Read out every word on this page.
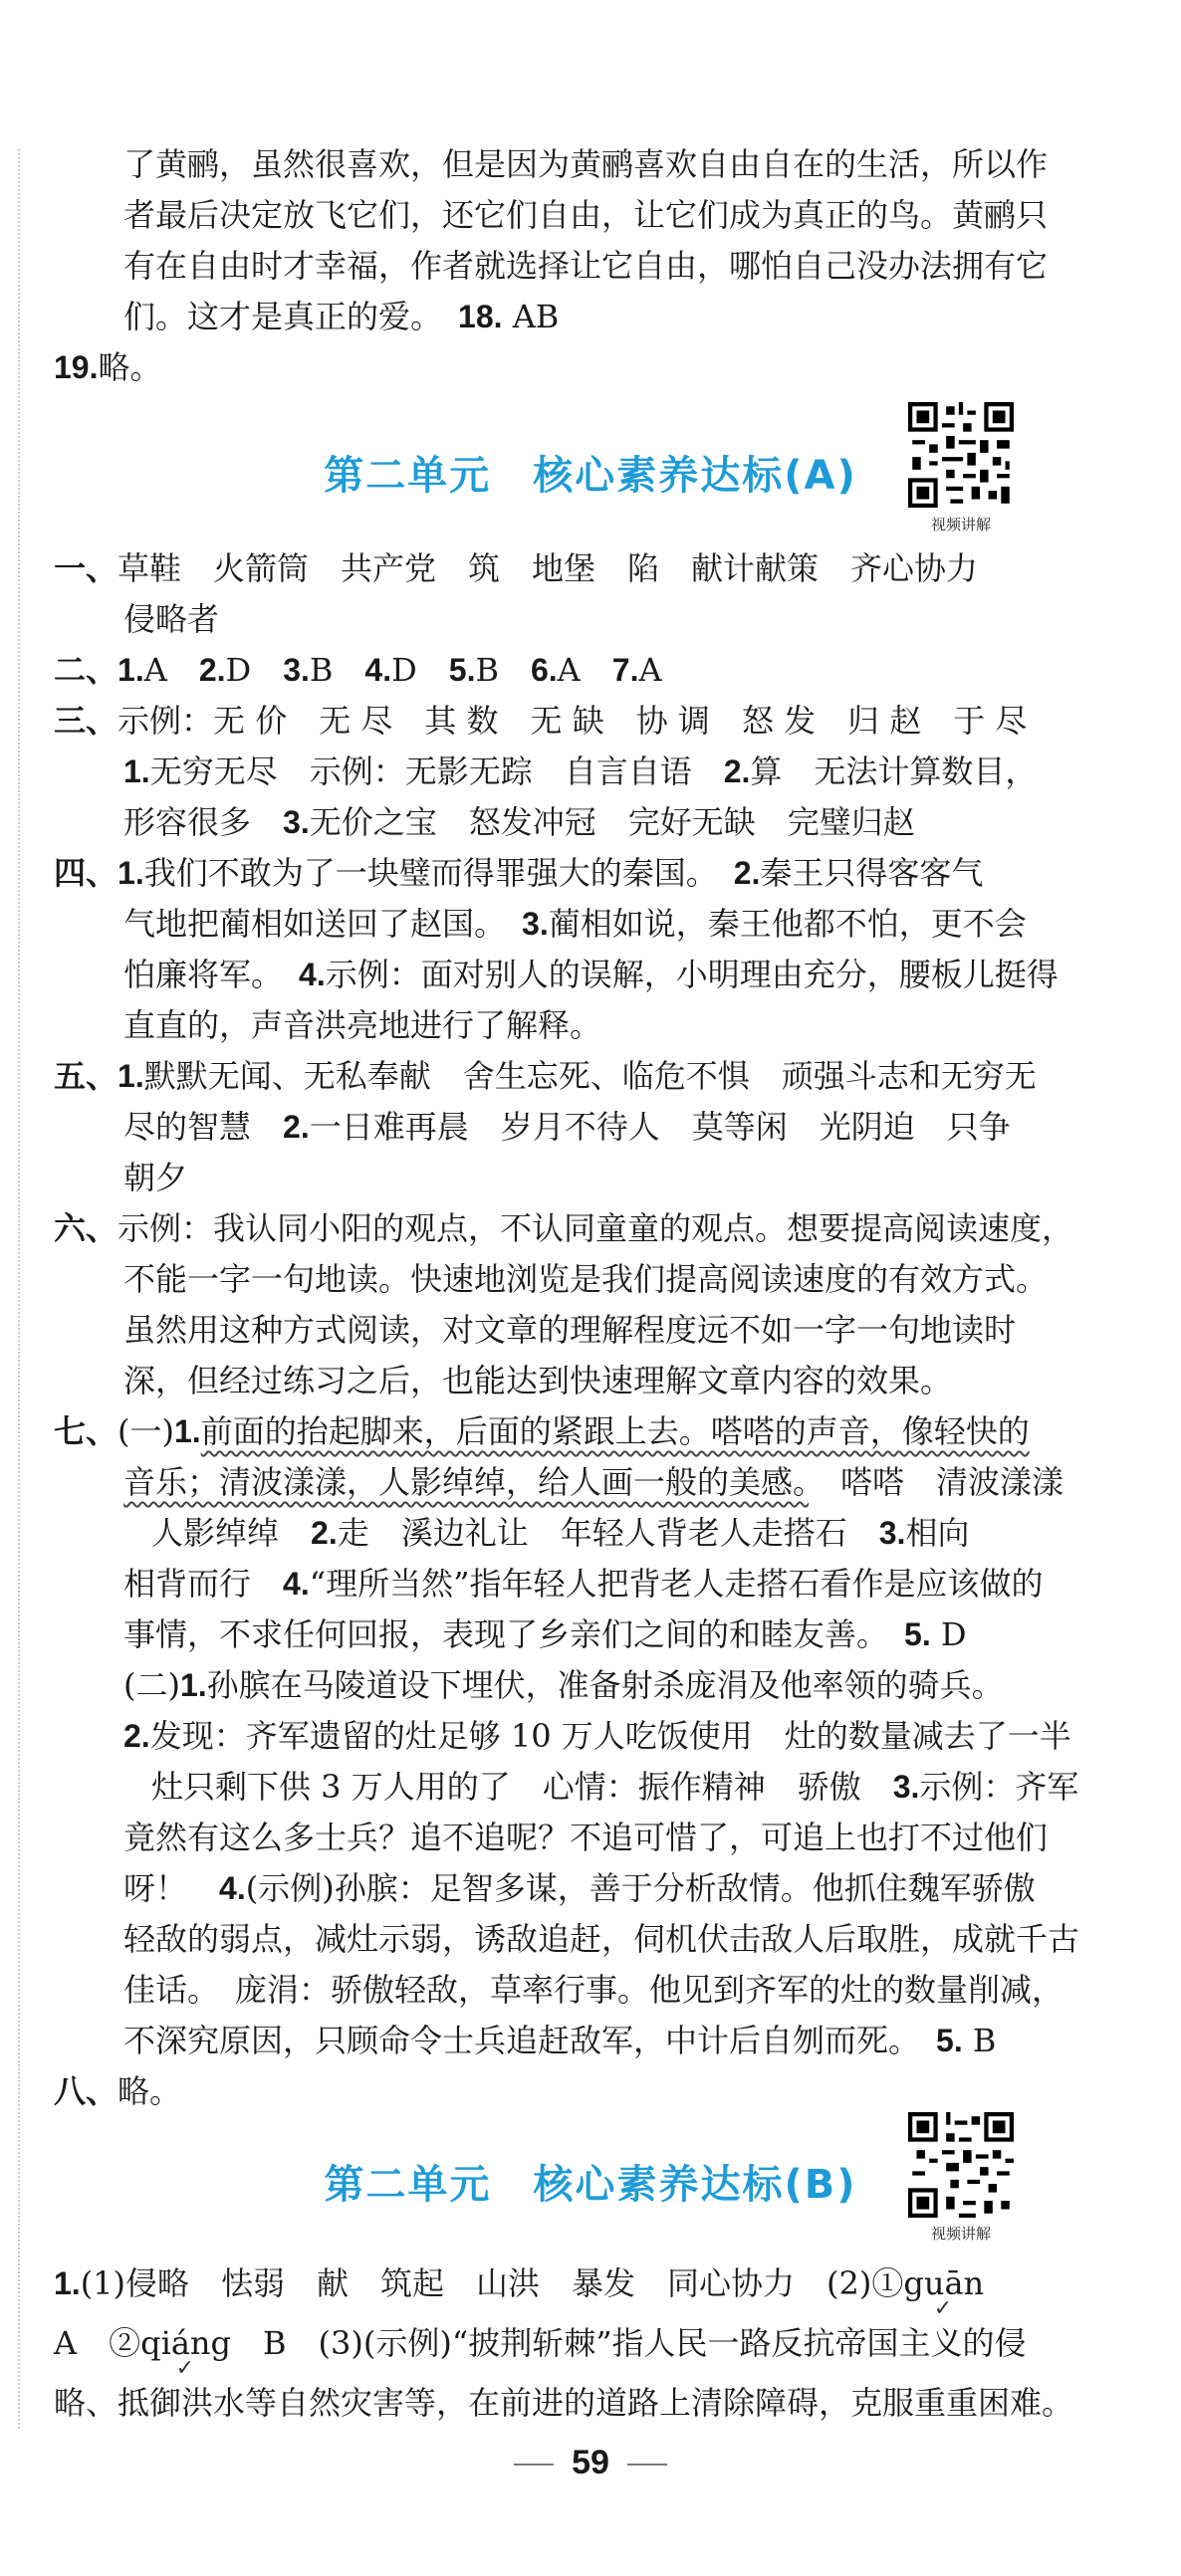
了黄鹂，虽然很喜欢，但是因为黄鹂喜欢自由自在的生活，所以作
者最后决定放飞它们，还它们自由，让它们成为真正的鸟。黄鹂只
有在自由时才幸福，作者就选择让它自由，哪怕自己没办法拥有它
们。这才是真正的爱。　 18. AB
19.略。
第二单元　核心素养达标(A)
视频讲解
一、草鞋　火箭筒　共产党　筑　地堡　陷　献计献策　齐心协力
侵略者
二、1.A　 2.D　 3.B　 4.D　 5.B　 6.A　 7.A
三、示例：无 价　无 尽　其 数　无 缺　协 调　怒 发　归 赵　于 尽
1.无穷无尽　示例：无影无踪　自言自语　 2.算　无法计算数目，
形容很多　 3.无价之宝　怒发冲冠　完好无缺　完璧归赵
四、1.我们不敢为了一块璧而得罪强大的秦国。　 2.秦王只得客客气
气地把蔺相如送回了赵国。　 3.蔺相如说，秦王他都不怕，更不会
怕廉将军。　 4.示例：面对别人的误解，小明理由充分，腰板儿挺得
直直的，声音洪亮地进行了解释。
五、1.默默无闻、无私奉献　舍生忘死、临危不惧　顽强斗志和无穷无
尽的智慧　 2.一日难再晨　岁月不待人　莫等闲　光阴迫　只争
朝夕
六、示例：我认同小阳的观点，不认同童童的观点。想要提高阅读速度，
不能一字一句地读。快速地浏览是我们提高阅读速度的有效方式。
虽然用这种方式阅读，对文章的理解程度远不如一字一句地读时
深，但经过练习之后，也能达到快速理解文章内容的效果。
七、(一)1.前面的抬起脚来，后面的紧跟上去。嗒嗒的声音，像轻快的
音乐；清波漾漾，人影绰绰，给人画一般的美感。　嗒嗒　清波漾漾
人影绰绰　 2.走　溪边礼让　年轻人背老人走搭石　 3.相向
相背而行　 4.“理所当然”指年轻人把背老人走搭石看作是应该做的
事情，不求任何回报，表现了乡亲们之间的和睦友善。　 5. D
(二)1.孙膑在马陵道设下埋伏，准备射杀庞涓及他率领的骑兵。
2.发现：齐军遗留的灶足够 10 万人吃饭使用　灶的数量减去了一半
灶只剩下供 3 万人用的了　心情：振作精神　骄傲　 3.示例：齐军
竟然有这么多士兵？追不追呢？不追可惜了，可追上也打不过他们
呀！　 4.(示例)孙膑：足智多谋，善于分析敌情。他抓住魏军骄傲
轻敌的弱点，减灶示弱，诱敌追赶，伺机伏击敌人后取胜，成就千古
佳话。　庞涓：骄傲轻敌，草率行事。他见到齐军的灶的数量削减，
不深究原因，只顾命令士兵追赶敌军，中计后自刎而死。　 5. B
八、略。
第二单元　核心素养达标(B)
视频讲解
1.(1)侵略　怯弱　献　筑起　山洪　暴发　同心协力　(2)①guān
✓
A　②qiáng
✓
　B　(3)(示例)“披荆斩棘”指人民一路反抗帝国主义的侵
略、抵御洪水等自然灾害等，在前进的道路上清除障碍，克服重重困难。
59
